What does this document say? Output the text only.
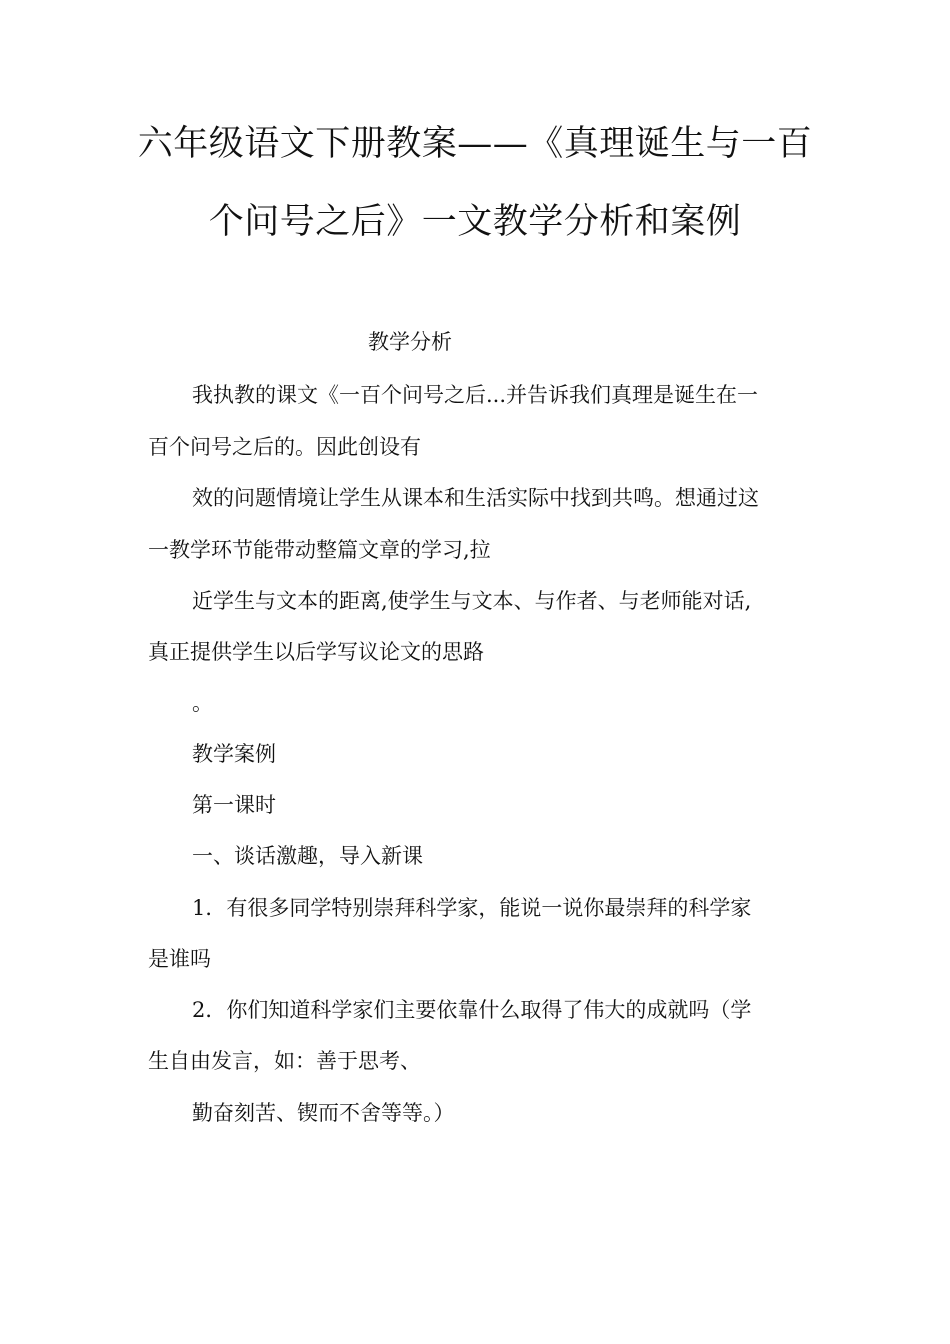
六年级语文下册教案——《真理诞生与一百
个问号之后》一文教学分析和案例
教学分析
我执教的课文《一百个问号之后...并告诉我们真理是诞生在一
百个问号之后的。因此创设有
效的问题情境让学生从课本和生活实际中找到共鸣。想通过这
一教学环节能带动整篇文章的学习,拉
近学生与文本的距离,使学生与文本、与作者、与老师能对话,
真正提供学生以后学写议论文的思路
。
教学案例
第一课时
一、谈话激趣，导入新课
1．有很多同学特别崇拜科学家，能说一说你最崇拜的科学家
是谁吗
2．你们知道科学家们主要依靠什么取得了伟大的成就吗（学
生自由发言，如：善于思考、
勤奋刻苦、锲而不舍等等。）
